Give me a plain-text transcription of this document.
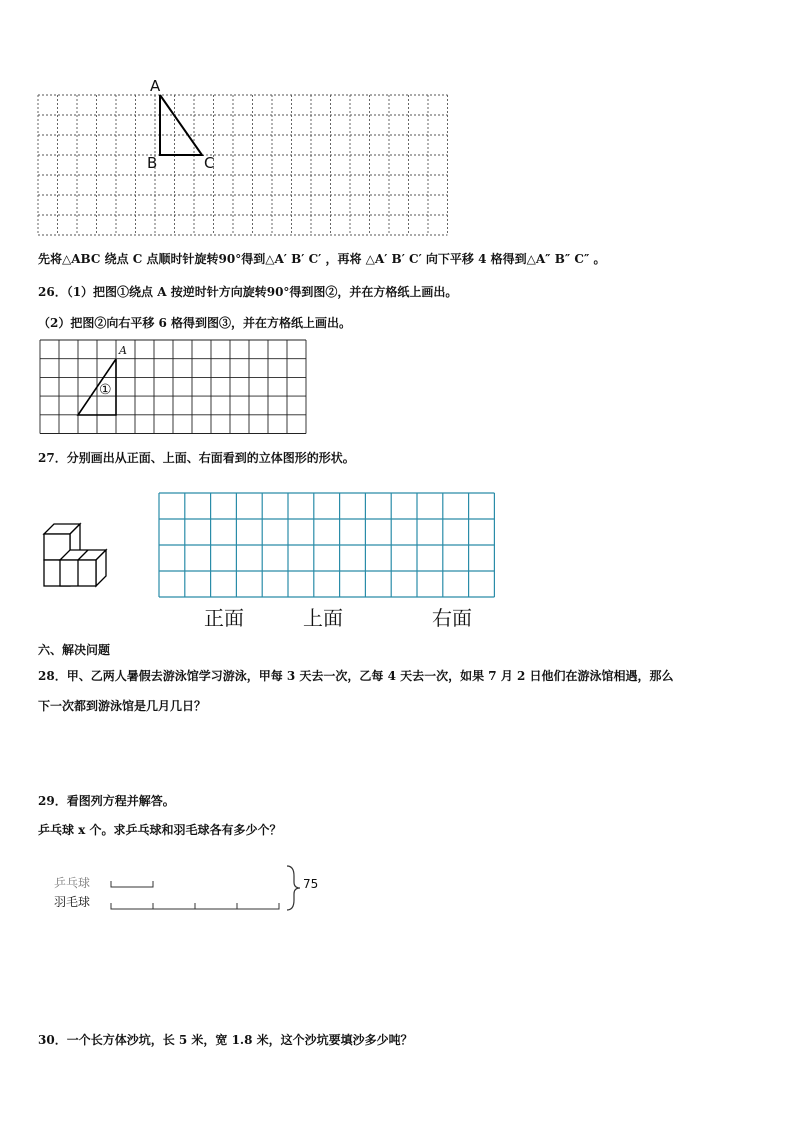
A
B	C
先将△ABC 绕点 C 点顺时针旋转90°得到△A′ B′ C′ ，再将 △A′ B′ C′ 向下平移 4 格得到△A″ B″ C″ 。
26．（1）把图①绕点 A 按逆时针方向旋转90°得到图②，并在方格纸上画出。
（2）把图②向右平移 6 格得到图③，并在方格纸上画出。
A
①
27．分别画出从正面、上面、右面看到的立体图形的形状。
正面	上面	右面
六、解决问题
28．甲、乙两人暑假去游泳馆学习游泳，甲每 3 天去一次，乙每 4 天去一次，如果 7 月 2 日他们在游泳馆相遇，那么
下一次都到游泳馆是几月几日？
29．看图列方程并解答。
乒乓球 x 个。求乒乓球和羽毛球各有多少个？
乒乓球
羽毛球
75
30．一个长方体沙坑，长 5 米，宽 1.8 米，这个沙坑要填沙多少吨？
